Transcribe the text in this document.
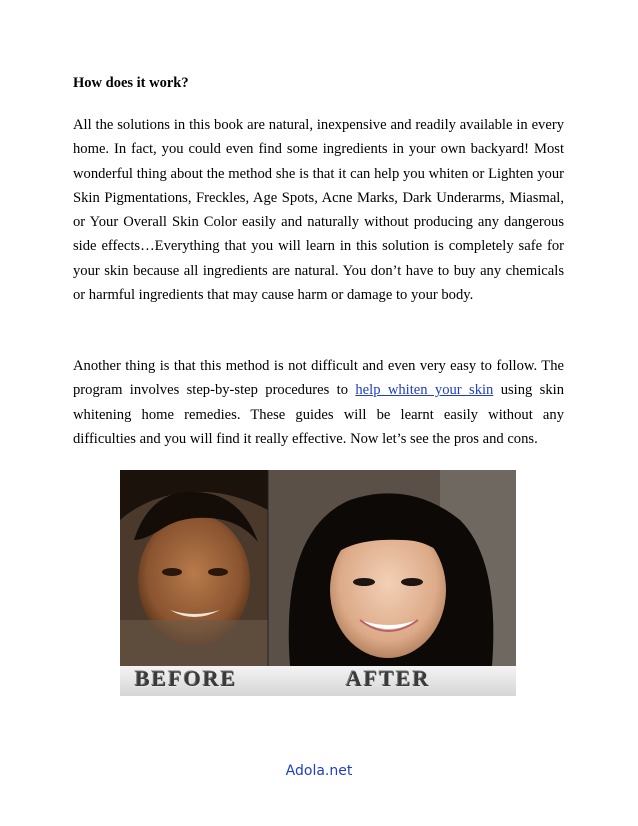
How does it work?

All the solutions in this book are natural, inexpensive and readily available in every home. In fact, you could even find some ingredients in your own backyard! Most wonderful thing about the method she is that it can help you whiten or Lighten your Skin Pigmentations, Freckles, Age Spots, Acne Marks, Dark Underarms, Miasmal, or Your Overall Skin Color easily and naturally without producing any dangerous side effects…Everything that you will learn in this solution is completely safe for your skin because all ingredients are natural. You don’t have to buy any chemicals or harmful ingredients that may cause harm or damage to your body.

Another thing is that this method is not difficult and even very easy to follow. The program involves step-by-step procedures to help whiten your skin using skin whitening home remedies. These guides will be learnt easily without any difficulties and you will find it really effective. Now let’s see the pros and cons.

BEFORE	AFTER
Adola.net
